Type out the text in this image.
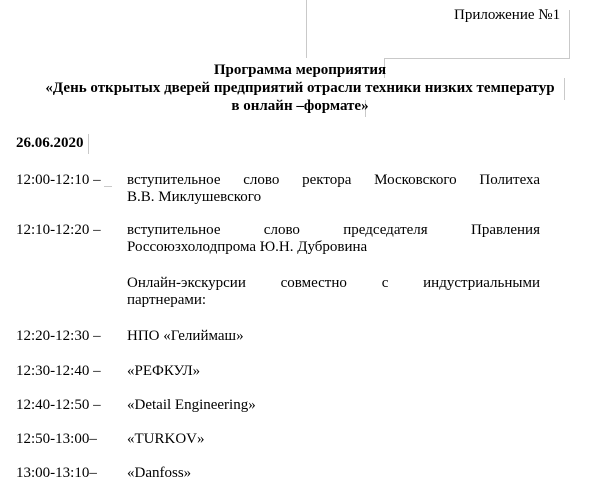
Приложение №1
Программа мероприятия
«День открытых дверей предприятий отрасли техники низких температур
в онлайн –формате»
26.06.2020
12:00-12:10 – вступительное слово ректора Московского Политеха
В.В. Миклушевского
12:10-12:20 – вступительное слово председателя Правления
Россоюзхолодпрома Ю.Н. Дубровина
Онлайн-экскурсии совместно с индустриальными
партнерами:
12:20-12:30 – НПО «Гелиймаш»
12:30-12:40 – «РЕФКУЛ»
12:40-12:50 – «Detail Engineering»
12:50-13:00– «TURKOV»
13:00-13:10– «Danfoss»
